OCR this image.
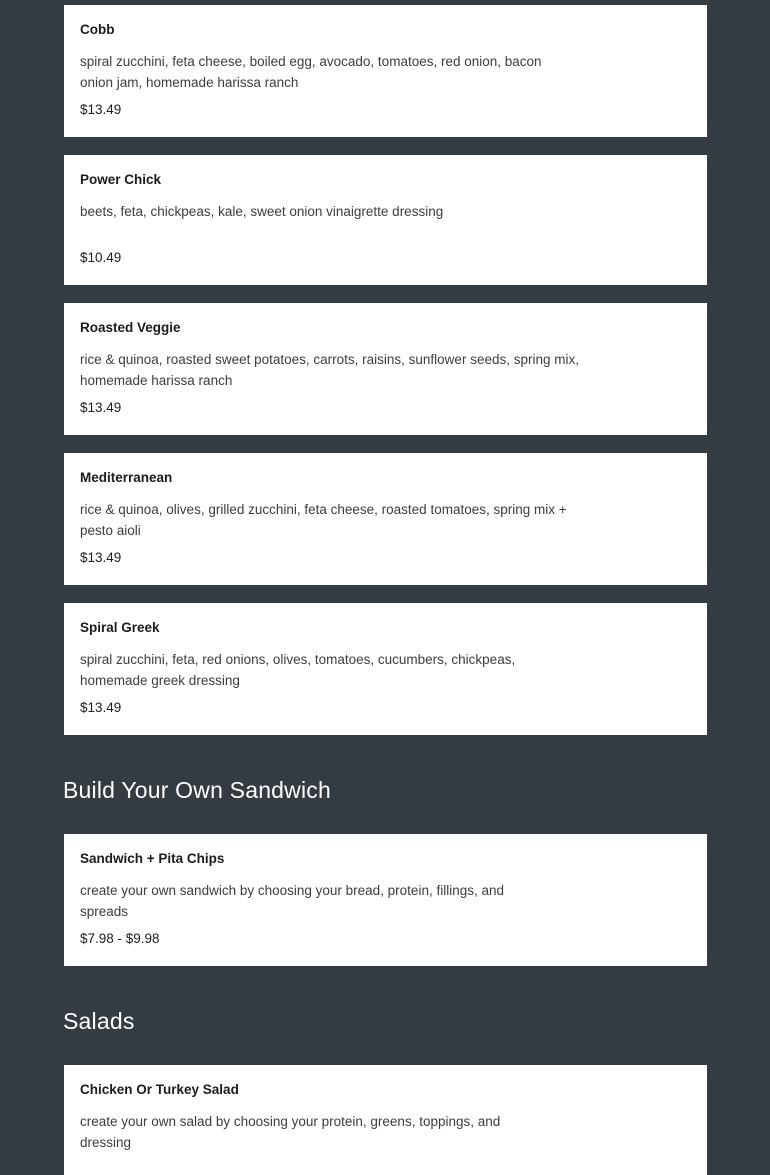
Cobb
spiral zucchini, feta cheese, boiled egg, avocado, tomatoes, red onion, bacon onion jam, homemade harissa ranch
$13.49
Power Chick
beets, feta, chickpeas, kale, sweet onion vinaigrette dressing
$10.49
Roasted Veggie
rice & quinoa, roasted sweet potatoes, carrots, raisins, sunflower seeds, spring mix, homemade harissa ranch
$13.49
Mediterranean
rice & quinoa, olives, grilled zucchini, feta cheese, roasted tomatoes, spring mix + pesto aioli
$13.49
Spiral Greek
spiral zucchini, feta, red onions, olives, tomatoes, cucumbers, chickpeas, homemade greek dressing
$13.49
Build Your Own Sandwich
Sandwich + Pita Chips
create your own sandwich by choosing your bread, protein, fillings, and spreads
$7.98 - $9.98
Salads
Chicken Or Turkey Salad
create your own salad by choosing your protein, greens, toppings, and dressing
